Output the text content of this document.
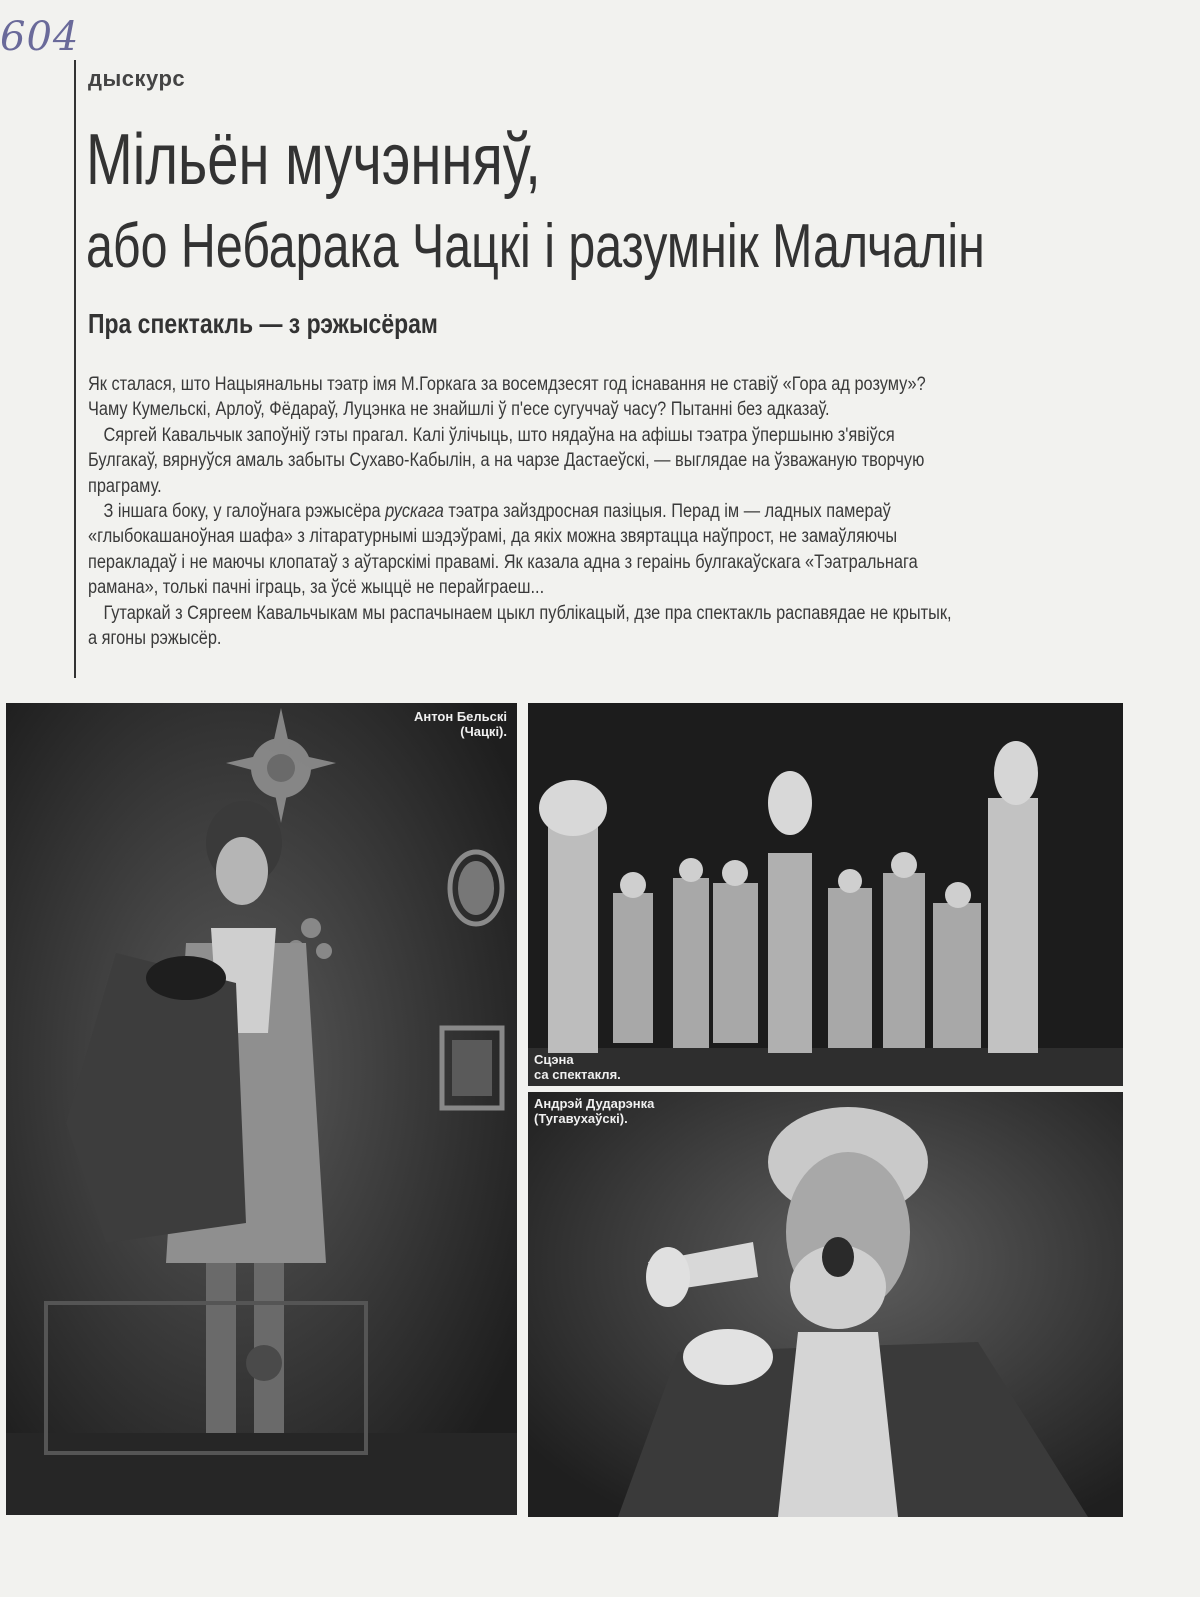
604
дыскурс
Мільён мучэнняў,
або Небарака Чацкі і разумнік Малчалін
Пра спектакль — з рэжысёрам

Як сталася, што Нацыянальны тэатр імя М.Горкага за восемдзесят год існавання не ставіў «Гора ад розуму»? Чаму Кумельскі, Арлоў, Фёдараў, Луцэнка не знайшлі ў п'есе сугуччаў часу? Пытанні без адказаў.

Сяргей Кавальчык запоўніў гэты прагал. Калі ўлічыць, што нядаўна на афішы тэатра ўпершыню з'явіўся Булгакаў, вярнуўся амаль забыты Сухаво-Кабылін, а на чарзе Дастаеўскі, — выглядае на ўзважаную творчую праграму.

З іншага боку, у галоўнага рэжысёра рускага тэатра зайздросная пазіцыя. Перад ім — ладных памераў «глыбокашаноўная шафа» з літаратурнымі шэдэўрамі, да якіх можна звяртацца наўпрост, не замаўляючы перакладаў і не маючы клопатаў з аўтарскімі правамі. Як казала адна з гераінь булгакаўскага «Тэатральнага рамана», толькі пачні іграць, за ўсё жыццё не перайграеш...

Гутаркай з Сяргеем Кавальчыкам мы распачынаем цыкл публікацый, дзе пра спектакль распавядае не крытык, а ягоны рэжысёр.

Антон Бельскі
(Чацкі).
Сцэна
са спектакля.
Андрэй Дударэнка
(Тугавухаўскі).
